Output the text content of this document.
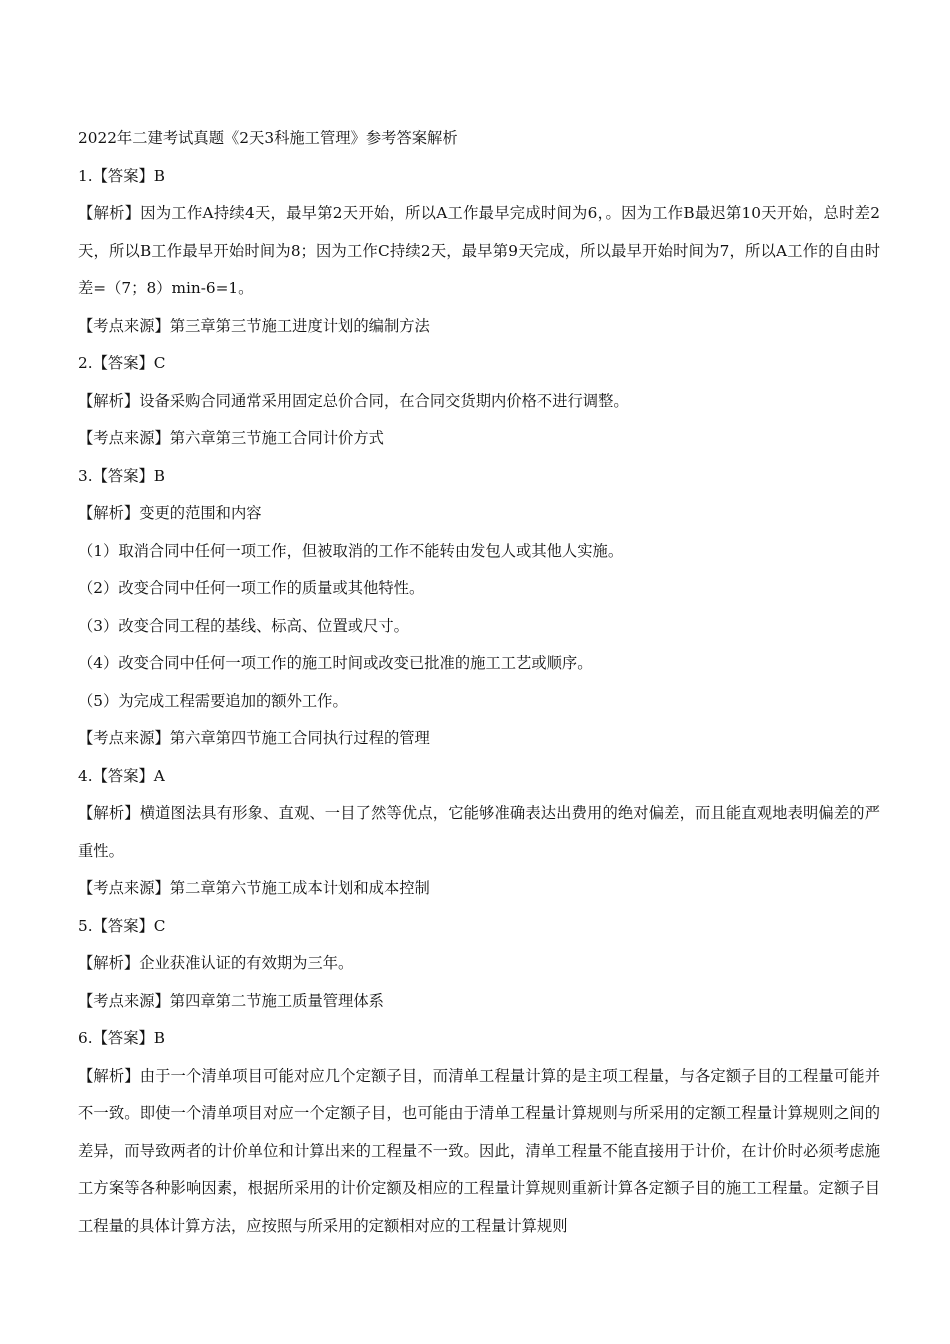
2022年二建考试真题《2天3科施工管理》参考答案解析
1.【答案】B
【解析】因为工作A持续4天，最早第2天开始，所以A工作最早完成时间为6，。因为工作B最迟第10天开始，总时差2天，所以B工作最早开始时间为8；因为工作C持续2天，最早第9天完成，所以最早开始时间为7，所以A工作的自由时差=（7；8）min-6=1。
【考点来源】第三章第三节施工进度计划的编制方法
2.【答案】C
【解析】设备采购合同通常采用固定总价合同，在合同交货期内价格不进行调整。
【考点来源】第六章第三节施工合同计价方式
3.【答案】B
【解析】变更的范围和内容
（1）取消合同中任何一项工作，但被取消的工作不能转由发包人或其他人实施。
（2）改变合同中任何一项工作的质量或其他特性。
（3）改变合同工程的基线、标高、位置或尺寸。
（4）改变合同中任何一项工作的施工时间或改变已批准的施工工艺或顺序。
（5）为完成工程需要追加的额外工作。
【考点来源】第六章第四节施工合同执行过程的管理
4.【答案】A
【解析】横道图法具有形象、直观、一目了然等优点，它能够准确表达出费用的绝对偏差，而且能直观地表明偏差的严重性。
【考点来源】第二章第六节施工成本计划和成本控制
5.【答案】C
【解析】企业获准认证的有效期为三年。
【考点来源】第四章第二节施工质量管理体系
6.【答案】B
【解析】由于一个清单项目可能对应几个定额子目，而清单工程量计算的是主项工程量，与各定额子目的工程量可能并不一致。即使一个清单项目对应一个定额子目，也可能由于清单工程量计算规则与所采用的定额工程量计算规则之间的差异，而导致两者的计价单位和计算出来的工程量不一致。因此，清单工程量不能直接用于计价，在计价时必须考虑施工方案等各种影响因素，根据所采用的计价定额及相应的工程量计算规则重新计算各定额子目的施工工程量。定额子目工程量的具体计算方法，应按照与所采用的定额相对应的工程量计算规则
